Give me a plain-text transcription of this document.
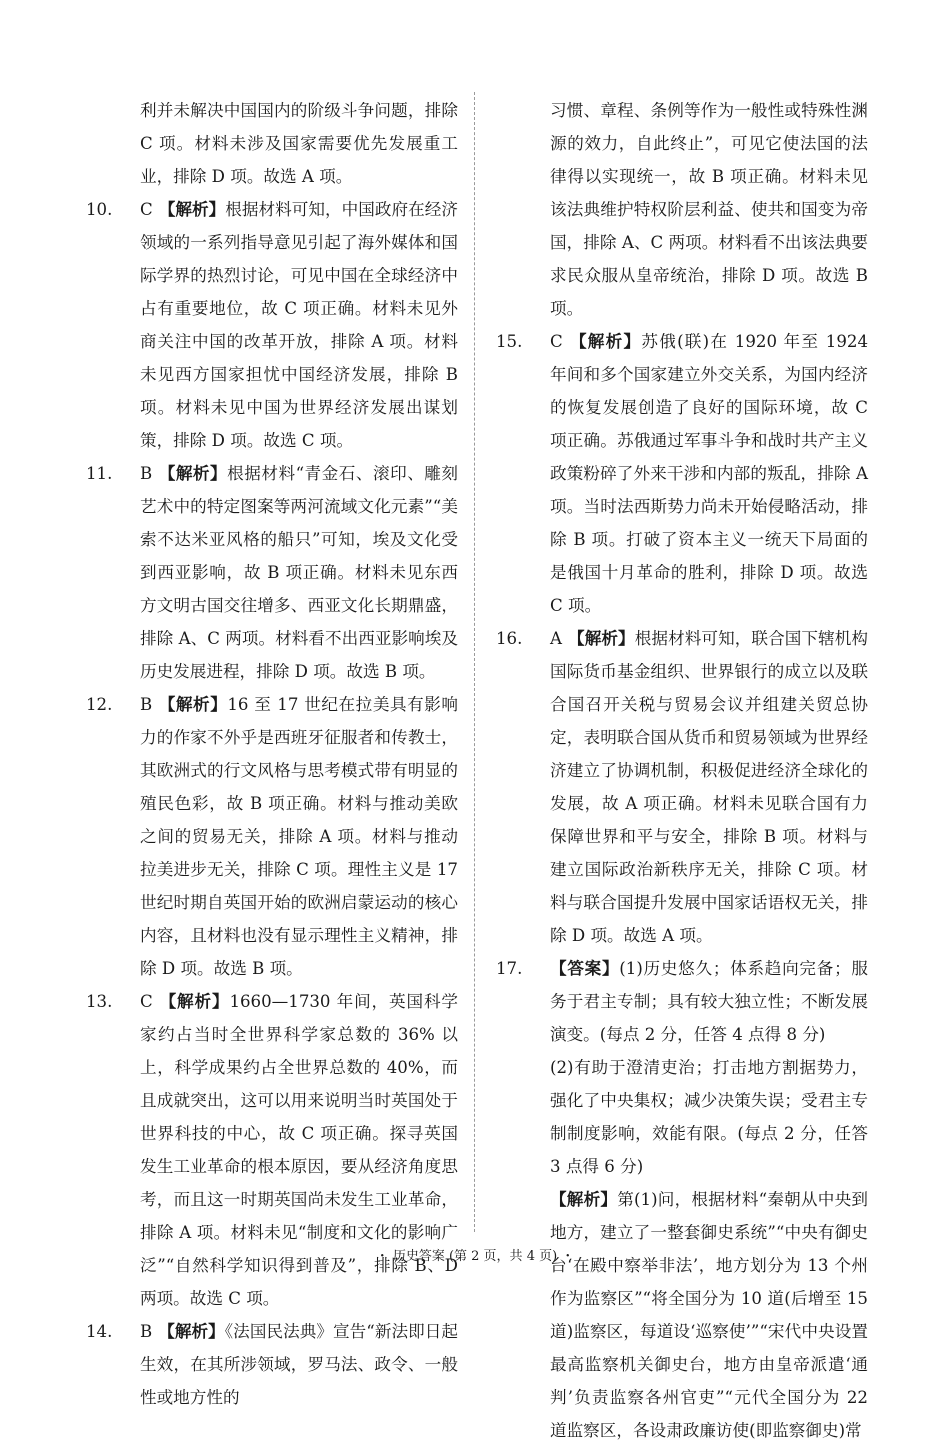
利并未解决中国国内的阶级斗争问题，排除 C 项。材料未涉及国家需要优先发展重工业，排除 D 项。故选 A 项。
10. C 【解析】根据材料可知，中国政府在经济领域的一系列指导意见引起了海外媒体和国际学界的热烈讨论，可见中国在全球经济中占有重要地位，故 C 项正确。材料未见外商关注中国的改革开放，排除 A 项。材料未见西方国家担忧中国经济发展，排除 B 项。材料未见中国为世界经济发展出谋划策，排除 D 项。故选 C 项。
11. B 【解析】根据材料“青金石、滚印、雕刻艺术中的特定图案等两河流域文化元素”“美索不达米亚风格的船只”可知，埃及文化受到西亚影响，故 B 项正确。材料未见东西方文明古国交往增多、西亚文化长期鼎盛，排除 A、C 两项。材料看不出西亚影响埃及历史发展进程，排除 D 项。故选 B 项。
12. B 【解析】16 至 17 世纪在拉美具有影响力的作家不外乎是西班牙征服者和传教士，其欧洲式的行文风格与思考模式带有明显的殖民色彩，故 B 项正确。材料与推动美欧之间的贸易无关，排除 A 项。材料与推动拉美进步无关，排除 C 项。理性主义是 17 世纪时期自英国开始的欧洲启蒙运动的核心内容，且材料也没有显示理性主义精神，排除 D 项。故选 B 项。
13. C 【解析】1660—1730 年间，英国科学家约占当时全世界科学家总数的 36% 以上，科学成果约占全世界总数的 40%，而且成就突出，这可以用来说明当时英国处于世界科技的中心，故 C 项正确。探寻英国发生工业革命的根本原因，要从经济角度思考，而且这一时期英国尚未发生工业革命，排除 A 项。材料未见“制度和文化的影响广泛”“自然科学知识得到普及”，排除 B、D 两项。故选 C 项。
14. B 【解析】《法国民法典》宣告“新法即日起生效，在其所涉领域，罗马法、政令、一般性或地方性的
习惯、章程、条例等作为一般性或特殊性渊源的效力，自此终止”，可见它使法国的法律得以实现统一，故 B 项正确。材料未见该法典维护特权阶层利益、使共和国变为帝国，排除 A、C 两项。材料看不出该法典要求民众服从皇帝统治，排除 D 项。故选 B 项。
15. C 【解析】苏俄(联)在 1920 年至 1924 年间和多个国家建立外交关系，为国内经济的恢复发展创造了良好的国际环境，故 C 项正确。苏俄通过军事斗争和战时共产主义政策粉碎了外来干涉和内部的叛乱，排除 A 项。当时法西斯势力尚未开始侵略活动，排除 B 项。打破了资本主义一统天下局面的是俄国十月革命的胜利，排除 D 项。故选 C 项。
16. A 【解析】根据材料可知，联合国下辖机构国际货币基金组织、世界银行的成立以及联合国召开关税与贸易会议并组建关贸总协定，表明联合国从货币和贸易领域为世界经济建立了协调机制，积极促进经济全球化的发展，故 A 项正确。材料未见联合国有力保障世界和平与安全，排除 B 项。材料与建立国际政治新秩序无关，排除 C 项。材料与联合国提升发展中国家话语权无关，排除 D 项。故选 A 项。
17. 【答案】(1)历史悠久；体系趋向完备；服务于君主专制；具有较大独立性；不断发展演变。(每点 2 分，任答 4 点得 8 分)
(2)有助于澄清吏治；打击地方割据势力，强化了中央集权；减少决策失误；受君主专制制度影响，效能有限。(每点 2 分，任答 3 点得 6 分)
【解析】第(1)问，根据材料“秦朝从中央到地方，建立了一整套御史系统”“中央有御史台‘在殿中察举非法’，地方划分为 13 个州作为监察区”“将全国分为 10 道(后增至 15 道)监察区，每道设‘巡察使’”“宋代中央设置最高监察机关御史台，地方由皇帝派遣‘通判’负责监察各州官吏”“元代全国分为 22 道监察区，各设肃政廉访使(即监察御史)常
・ 历史答案 (第 2 页，共 4 页) ・
